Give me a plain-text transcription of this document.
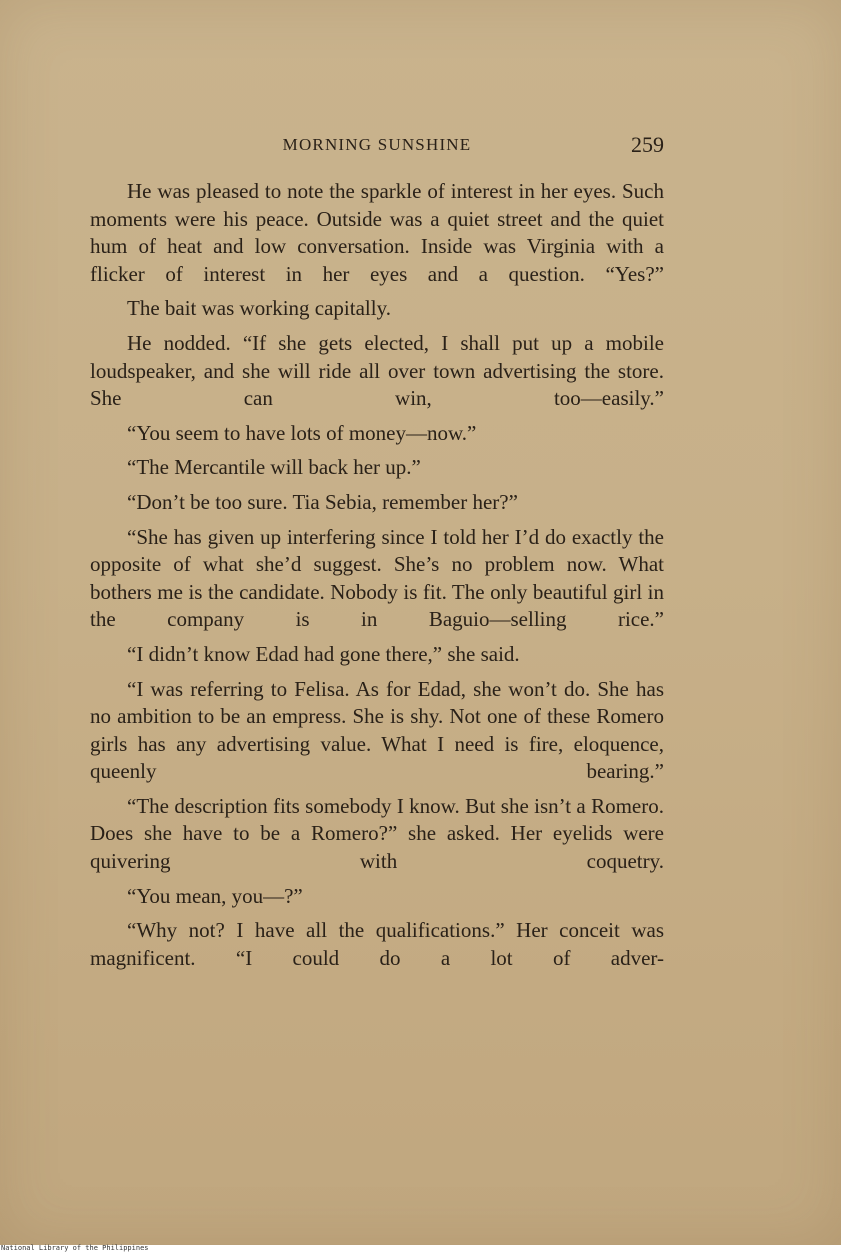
MORNING SUNSHINE	259

He was pleased to note the sparkle of interest in her eyes. Such moments were his peace. Outside was a quiet street and the quiet hum of heat and low conversation. Inside was Virginia with a flicker of interest in her eyes and a question. “Yes?”

The bait was working capitally.

He nodded. “If she gets elected, I shall put up a mobile loudspeaker, and she will ride all over town advertising the store. She can win, too—easily.”

“You seem to have lots of money—now.”

“The Mercantile will back her up.”

“Don’t be too sure. Tia Sebia, remember her?”

“She has given up interfering since I told her I’d do exactly the opposite of what she’d suggest. She’s no problem now. What bothers me is the candidate. Nobody is fit. The only beautiful girl in the company is in Baguio—selling rice.”

“I didn’t know Edad had gone there,” she said.

“I was referring to Felisa. As for Edad, she won’t do. She has no ambition to be an empress. She is shy. Not one of these Romero girls has any advertising value. What I need is fire, eloquence, queenly bearing.”

“The description fits somebody I know. But she isn’t a Romero. Does she have to be a Romero?” she asked. Her eyelids were quivering with coquetry.

“You mean, you—?”

“Why not? I have all the qualifications.” Her conceit was magnificent. “I could do a lot of adver-

National Library of the Philippines
